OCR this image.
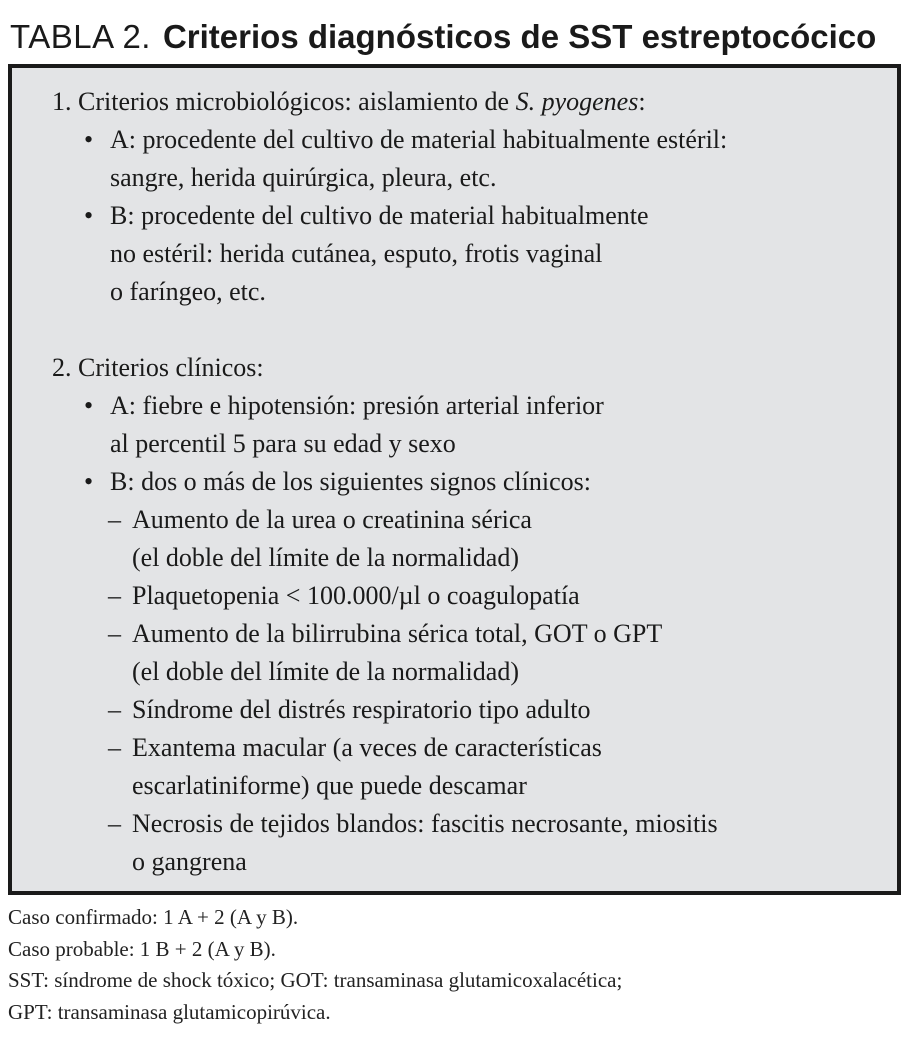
TABLA 2. Criterios diagnósticos de SST estreptocócico
1. Criterios microbiológicos: aislamiento de S. pyogenes:
• A: procedente del cultivo de material habitualmente estéril:
sangre, herida quirúrgica, pleura, etc.
• B: procedente del cultivo de material habitualmente
no estéril: herida cutánea, esputo, frotis vaginal
o faríngeo, etc.
2. Criterios clínicos:
• A: fiebre e hipotensión: presión arterial inferior
al percentil 5 para su edad y sexo
• B: dos o más de los siguientes signos clínicos:
– Aumento de la urea o creatinina sérica
(el doble del límite de la normalidad)
– Plaquetopenia < 100.000/µl o coagulopatía
– Aumento de la bilirrubina sérica total, GOT o GPT
(el doble del límite de la normalidad)
– Síndrome del distrés respiratorio tipo adulto
– Exantema macular (a veces de características
escarlatiniforme) que puede descamar
– Necrosis de tejidos blandos: fascitis necrosante, miositis
o gangrena
Caso confirmado: 1 A + 2 (A y B).
Caso probable: 1 B + 2 (A y B).
SST: síndrome de shock tóxico; GOT: transaminasa glutamicoxalacética;
GPT: transaminasa glutamicopirúvica.
